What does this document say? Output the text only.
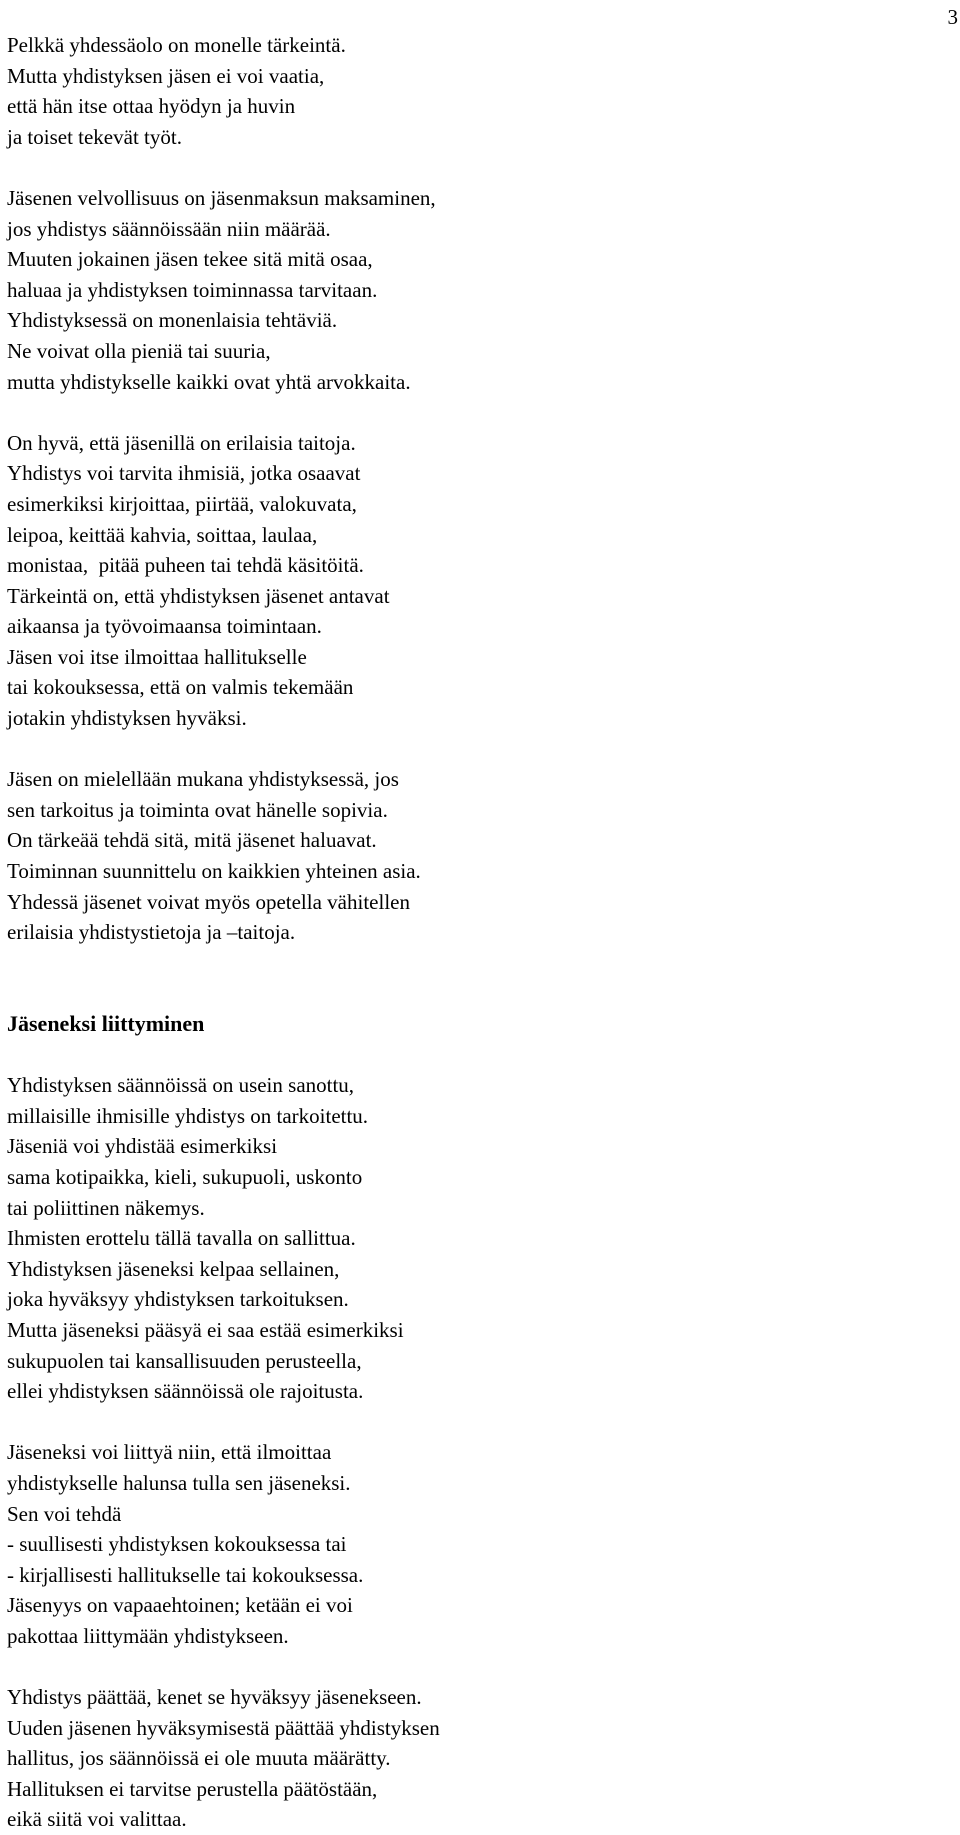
3
Pelkkä yhdessäolo on monelle tärkeintä.
Mutta yhdistyksen jäsen ei voi vaatia,
että hän itse ottaa hyödyn ja huvin
ja toiset tekevät työt.
Jäsenen velvollisuus on jäsenmaksun maksaminen,
jos yhdistys säännöissään niin määrää.
Muuten jokainen jäsen tekee sitä mitä osaa,
haluaa ja yhdistyksen toiminnassa tarvitaan.
Yhdistyksessä on monenlaisia tehtäviä.
Ne voivat olla pieniä tai suuria,
mutta yhdistykselle kaikki ovat yhtä arvokkaita.
On hyvä, että jäsenillä on erilaisia taitoja.
Yhdistys voi tarvita ihmisiä, jotka osaavat
esimerkiksi kirjoittaa, piirtää, valokuvata,
leipoa, keittää kahvia, soittaa, laulaa,
monistaa,  pitää puheen tai tehdä käsitöitä.
Tärkeintä on, että yhdistyksen jäsenet antavat
aikaansa ja työvoimaansa toimintaan.
Jäsen voi itse ilmoittaa hallitukselle
tai kokouksessa, että on valmis tekemään
jotakin yhdistyksen hyväksi.
Jäsen on mielellään mukana yhdistyksessä, jos
sen tarkoitus ja toiminta ovat hänelle sopivia.
On tärkeää tehdä sitä, mitä jäsenet haluavat.
Toiminnan suunnittelu on kaikkien yhteinen asia.
Yhdessä jäsenet voivat myös opetella vähitellen
erilaisia yhdistystietoja ja –taitoja.
Jäseneksi liittyminen
Yhdistyksen säännöissä on usein sanottu,
millaisille ihmisille yhdistys on tarkoitettu.
Jäseniä voi yhdistää esimerkiksi
sama kotipaikka, kieli, sukupuoli, uskonto
tai poliittinen näkemys.
Ihmisten erottelu tällä tavalla on sallittua.
Yhdistyksen jäseneksi kelpaa sellainen,
joka hyväksyy yhdistyksen tarkoituksen.
Mutta jäseneksi pääsyä ei saa estää esimerkiksi
sukupuolen tai kansallisuuden perusteella,
ellei yhdistyksen säännöissä ole rajoitusta.
Jäseneksi voi liittyä niin, että ilmoittaa
yhdistykselle halunsa tulla sen jäseneksi.
Sen voi tehdä
- suullisesti yhdistyksen kokouksessa tai
- kirjallisesti hallitukselle tai kokouksessa.
Jäsenyys on vapaaehtoinen; ketään ei voi
pakottaa liittymään yhdistykseen.
Yhdistys päättää, kenet se hyväksyy jäsenekseen.
Uuden jäsenen hyväksymisestä päättää yhdistyksen
hallitus, jos säännöissä ei ole muuta määrätty.
Hallituksen ei tarvitse perustella päätöstään,
eikä siitä voi valittaa.
